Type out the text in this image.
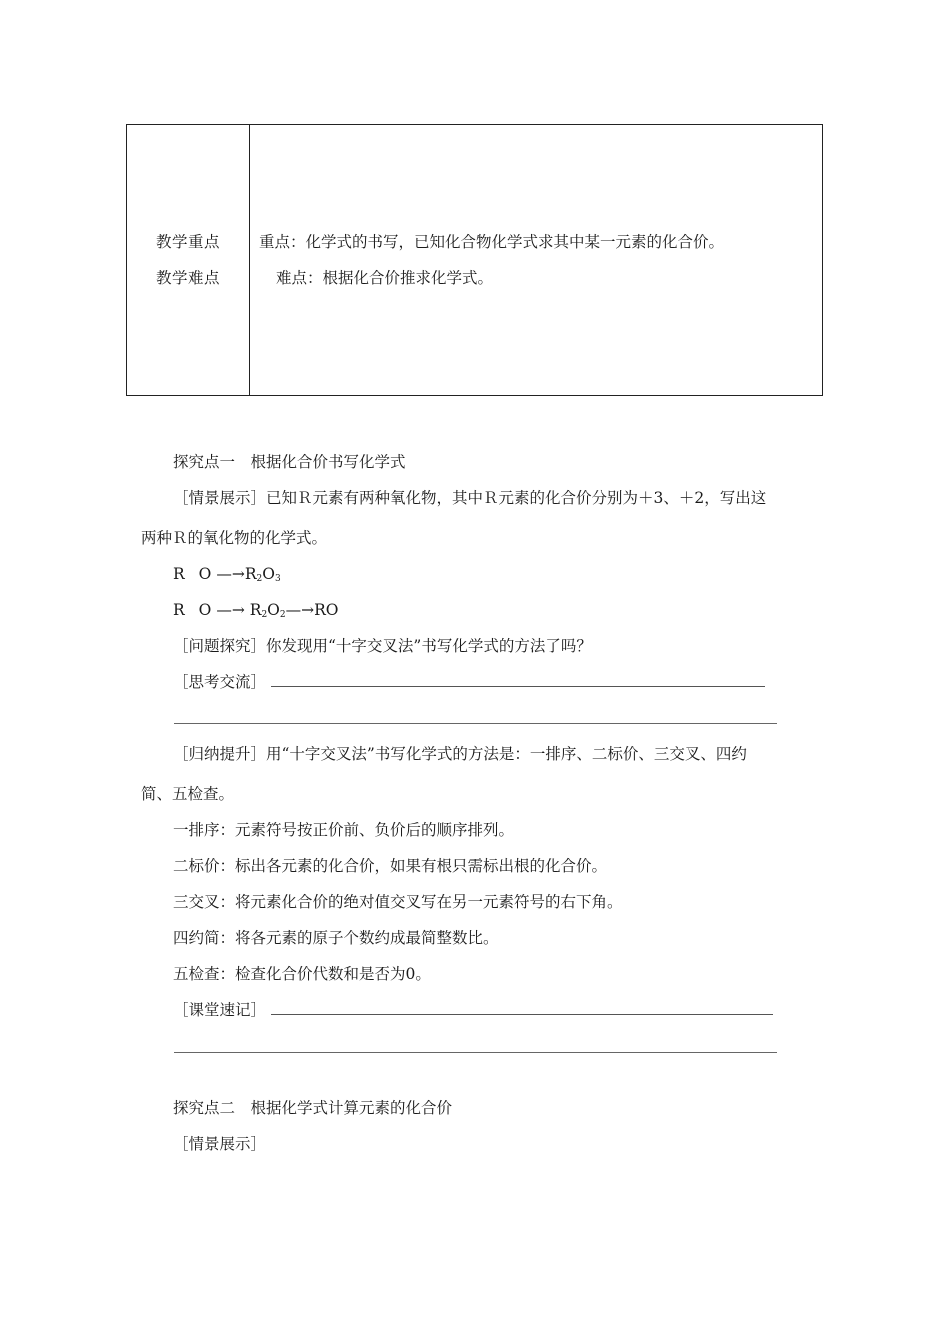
教学重点
教学难点
重点：化学式的书写，已知化合物化学式求其中某一元素的化合价。
难点：根据化合价推求化学式。
探究点一　根据化合价书写化学式
［情景展示］已知Ｒ元素有两种氧化物，其中Ｒ元素的化合价分别为＋3、＋2，写出这
两种Ｒ的氧化物的化学式。
R O $—\to R_2O_3$
R O —→ $R_2O_2—\to RO$
［问题探究］你发现用“十字交叉法”书写化学式的方法了吗？
［思考交流］
［归纳提升］用“十字交叉法”书写化学式的方法是：一排序、二标价、三交叉、四约
简、五检查。
一排序：元素符号按正价前、负价后的顺序排列。
二标价：标出各元素的化合价，如果有根只需标出根的化合价。
三交叉：将元素化合价的绝对值交叉写在另一元素符号的右下角。
四约简：将各元素的原子个数约成最简整数比。
五检查：检查化合价代数和是否为0。
［课堂速记］
探究点二　根据化学式计算元素的化合价
［情景展示］
